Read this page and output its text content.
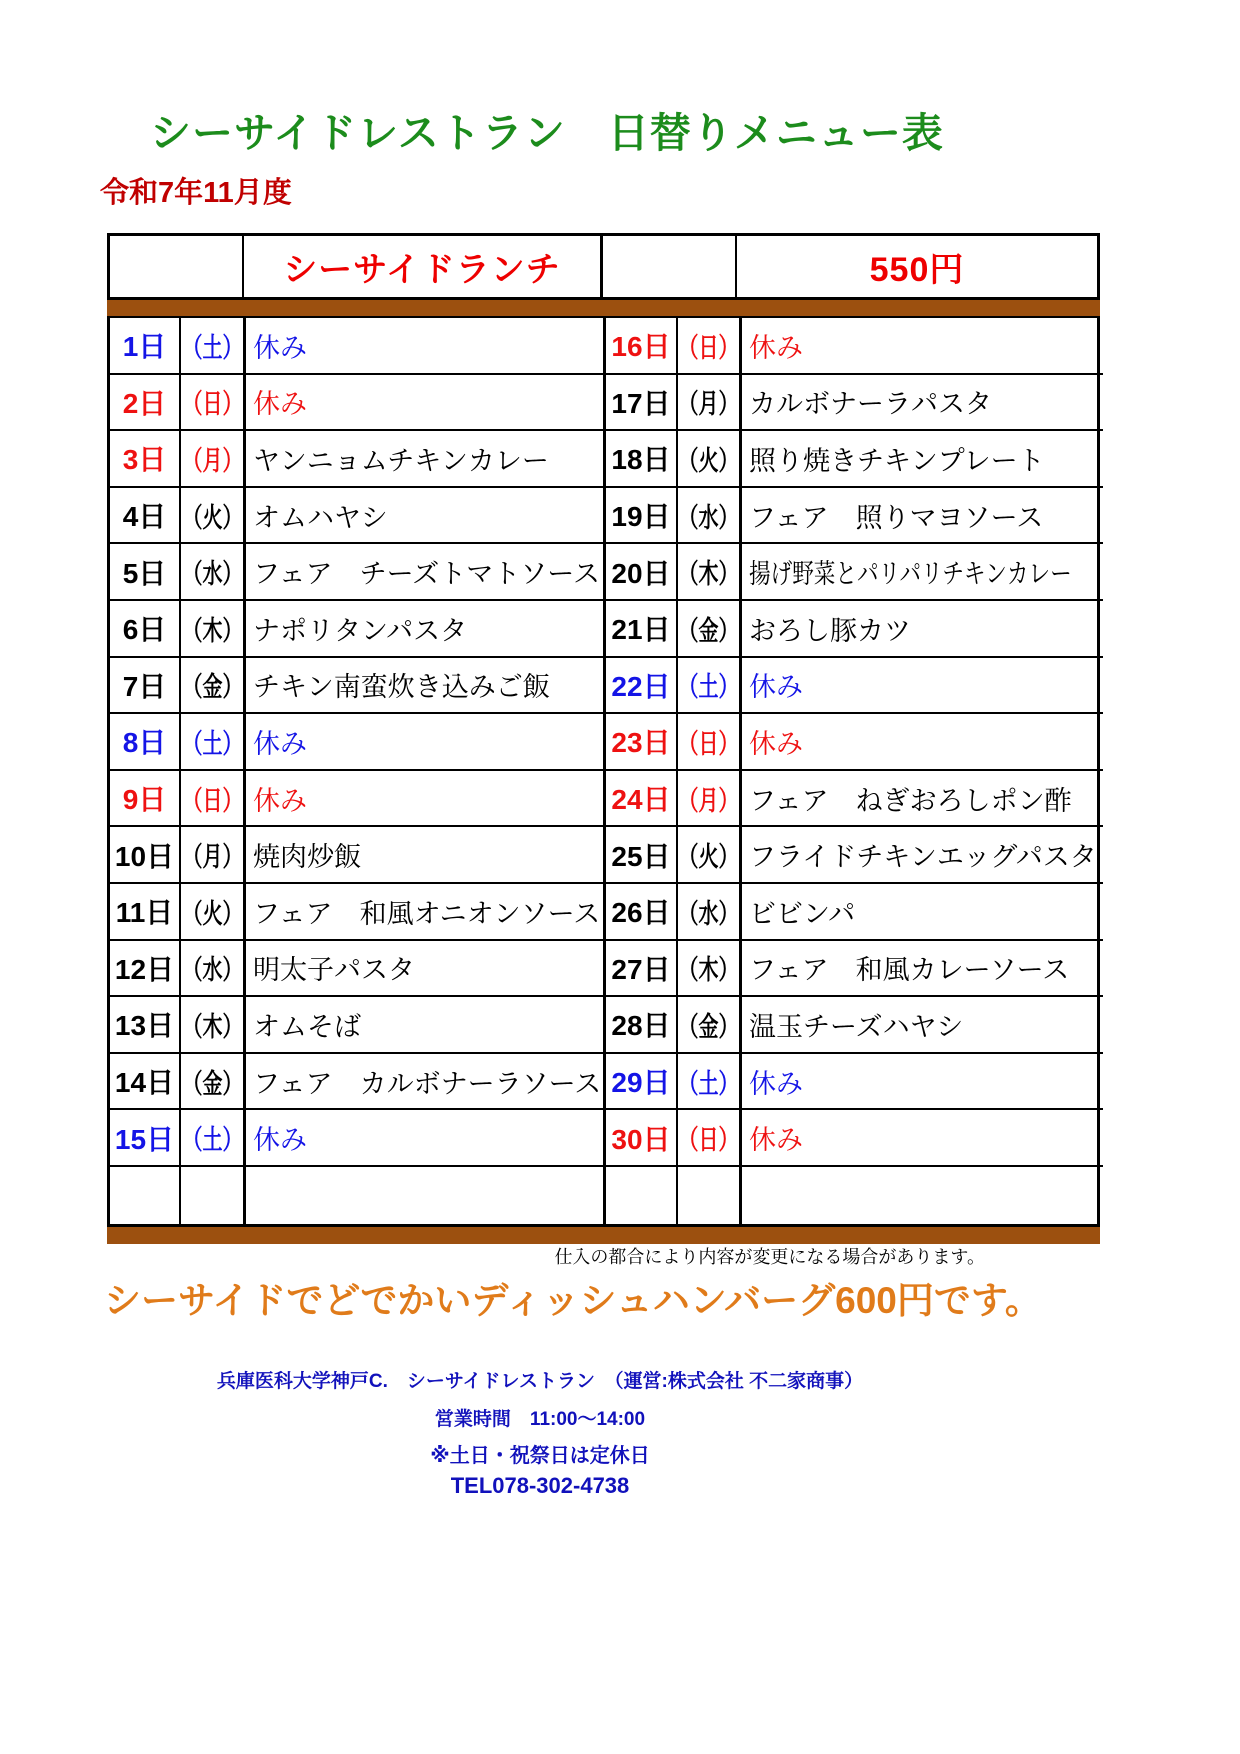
シーサイドレストラン　日替りメニュー表
令和7年11月度
シーサイドランチ	550円
1日 （土） 休み	16日 （日） 休み
2日 （日） 休み	17日 （月） カルボナーラパスタ
3日 （月） ヤンニョムチキンカレー 18日 （火） 照り焼きチキンプレート
4日 （火） オムハヤシ	19日 （水） フェア　照りマヨソース
5日 （水） フェア　チーズトマトソース 20日 （木） 揚げ野菜とパリパリチキンカレー
6日 （木） ナポリタンパスタ	21日 （金） おろし豚カツ
7日 （金） チキン南蛮炊き込みご飯 22日 （土） 休み
8日 （土） 休み	23日 （日） 休み
9日 （日） 休み	24日 （月） フェア　ねぎおろしポン酢
10日 （月） 焼肉炒飯	25日 （火） フライドチキンエッグパスタ
11日 （火） フェア　和風オニオンソース 26日 （水） ビビンパ
12日 （水） 明太子パスタ	27日 （木） フェア　和風カレーソース
13日 （木） オムそば	28日 （金） 温玉チーズハヤシ
14日 （金） フェア　カルボナーラソース 29日 （土） 休み
15日 （土） 休み	30日 （日） 休み
仕入の都合により内容が変更になる場合があります。
シーサイドでどでかいディッシュハンバーグ600円です。
兵庫医科大学神戸C.　シーサイドレストラン　（運営:株式会社 不二家商事）
営業時間　11:00～14:00
※土日・祝祭日は定休日
TEL078-302-4738
